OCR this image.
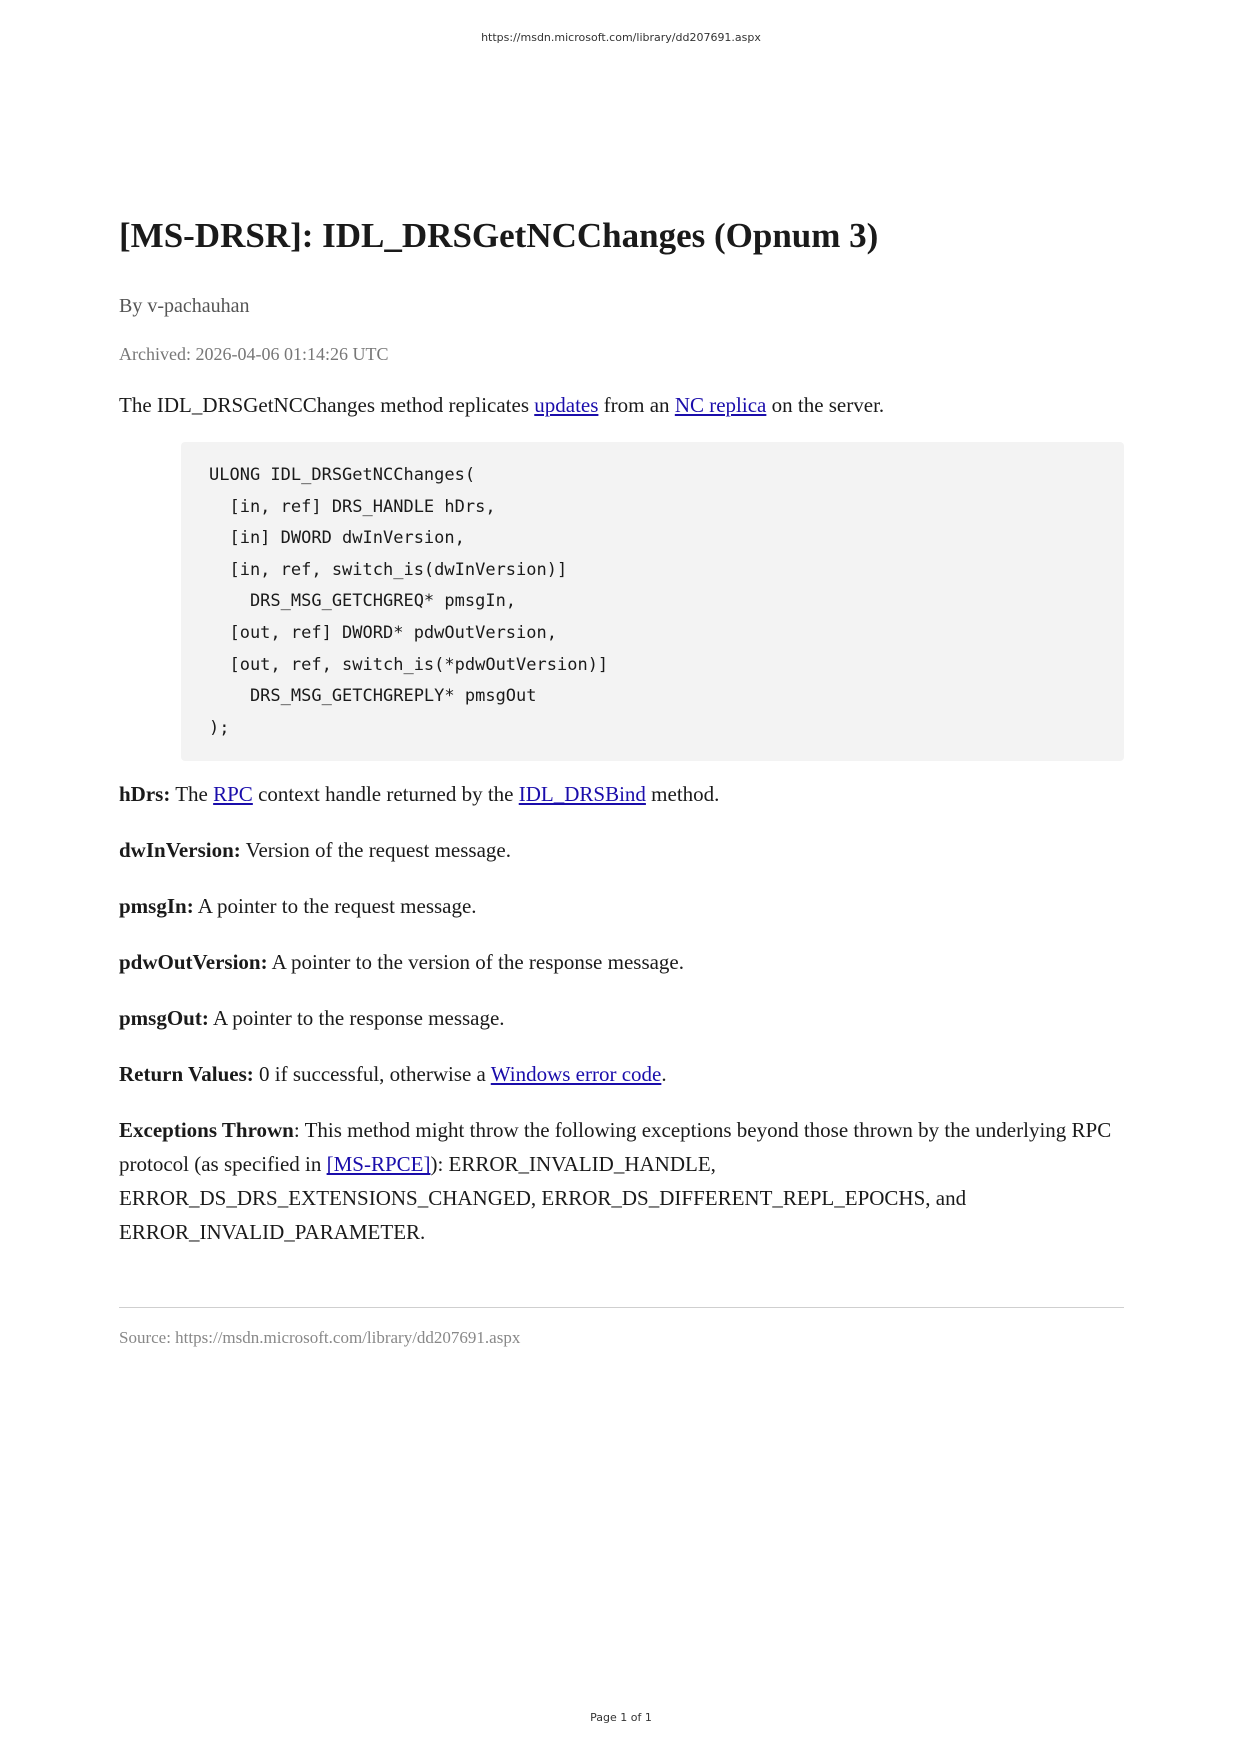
https://msdn.microsoft.com/library/dd207691.aspx
[MS-DRSR]: IDL_DRSGetNCChanges (Opnum 3)
By v-pachauhan
Archived: 2026-04-06 01:14:26 UTC

The IDL_DRSGetNCChanges method replicates updates from an NC replica on the server.

ULONG IDL_DRSGetNCChanges(
[in, ref] DRS_HANDLE hDrs,
[in] DWORD dwInVersion,
[in, ref, switch_is(dwInVersion)]
DRS_MSG_GETCHGREQ* pmsgIn,
[out, ref] DWORD* pdwOutVersion,
[out, ref, switch_is(*pdwOutVersion)]
DRS_MSG_GETCHGREPLY* pmsgOut
);

hDrs: The RPC context handle returned by the IDL_DRSBind method.

dwInVersion: Version of the request message.

pmsgIn: A pointer to the request message.

pdwOutVersion: A pointer to the version of the response message.

pmsgOut: A pointer to the response message.

Return Values: 0 if successful, otherwise a Windows error code.

Exceptions Thrown: This method might throw the following exceptions beyond those thrown by the underlying RPC protocol (as specified in [MS-RPCE]): ERROR_INVALID_HANDLE, ERROR_DS_DRS_EXTENSIONS_CHANGED, ERROR_DS_DIFFERENT_REPL_EPOCHS, and ERROR_INVALID_PARAMETER.

Source: https://msdn.microsoft.com/library/dd207691.aspx
Page 1 of 1
